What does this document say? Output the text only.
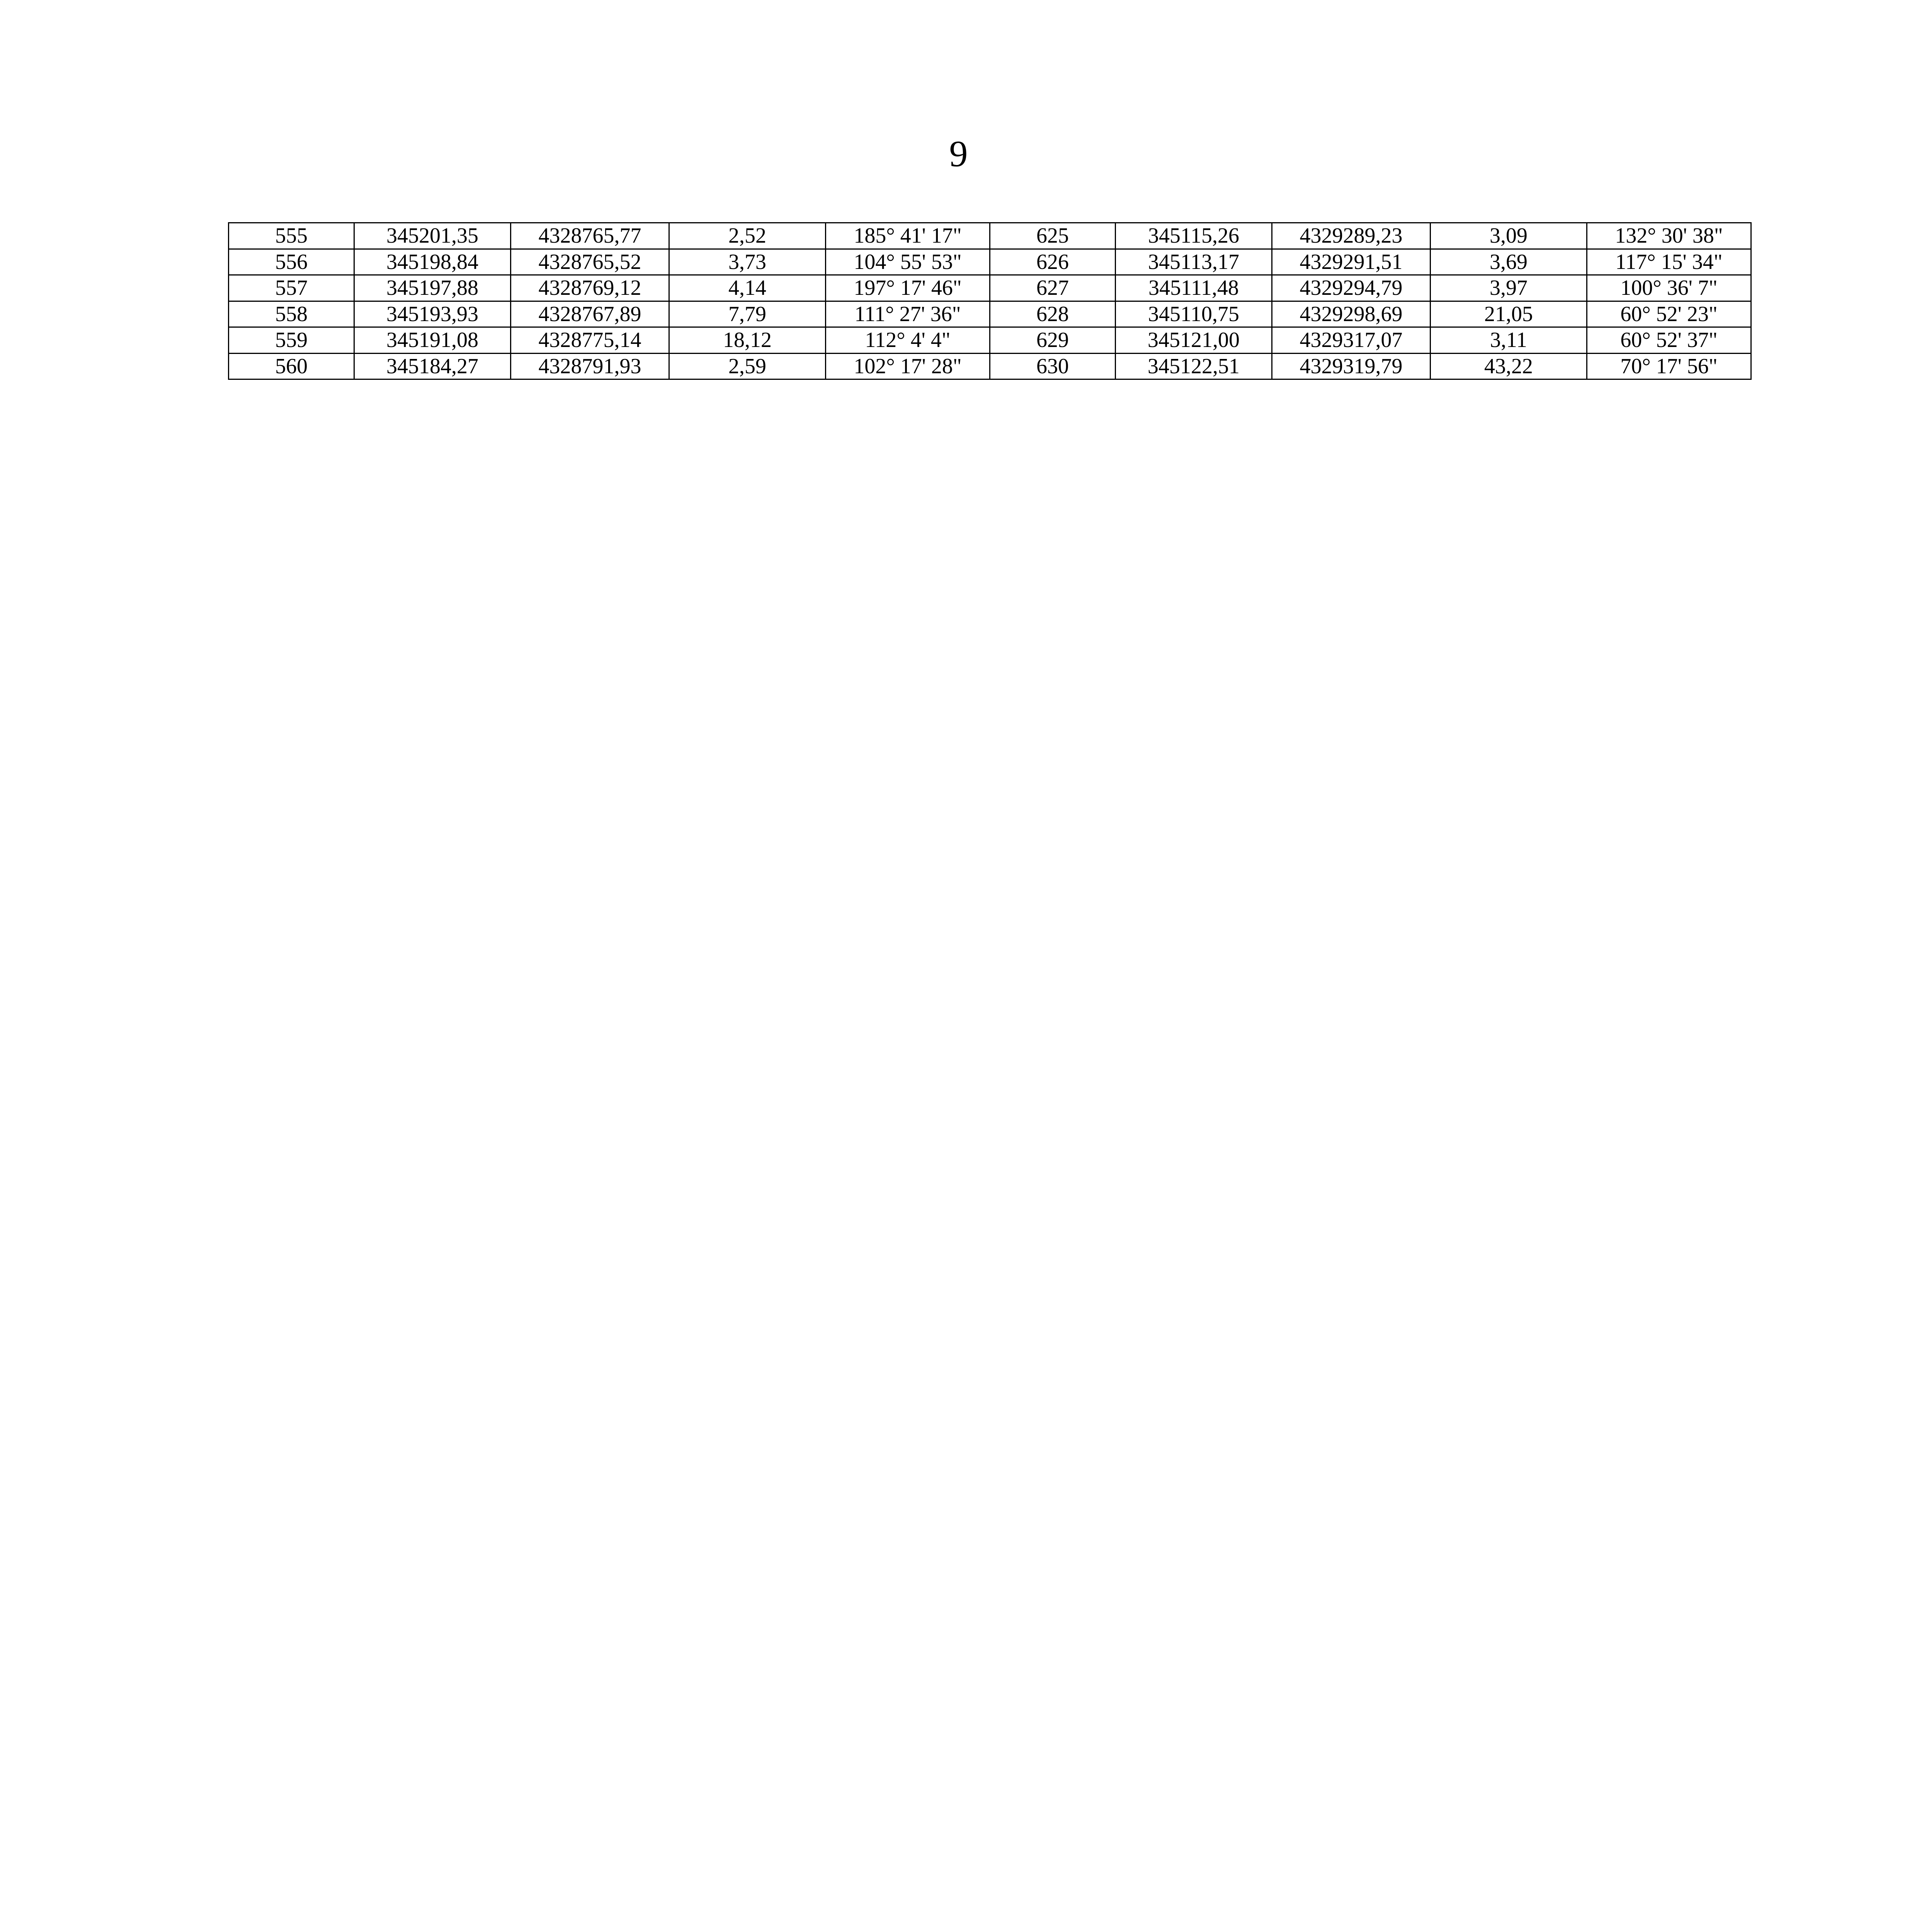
9
555	345201,35	4328765,77	2,52	185° 41' 17"	625	345115,26	4329289,23	3,09	132° 30' 38"
556	345198,84	4328765,52	3,73	104° 55' 53"	626	345113,17	4329291,51	3,69	117° 15' 34"
557	345197,88	4328769,12	4,14	197° 17' 46"	627	345111,48	4329294,79	3,97	100° 36' 7"
558	345193,93	4328767,89	7,79	111° 27' 36"	628	345110,75	4329298,69	21,05	60° 52' 23"
559	345191,08	4328775,14	18,12	112° 4' 4"	629	345121,00	4329317,07	3,11	60° 52' 37"
560	345184,27	4328791,93	2,59	102° 17' 28"	630	345122,51	4329319,79	43,22	70° 17' 56"
